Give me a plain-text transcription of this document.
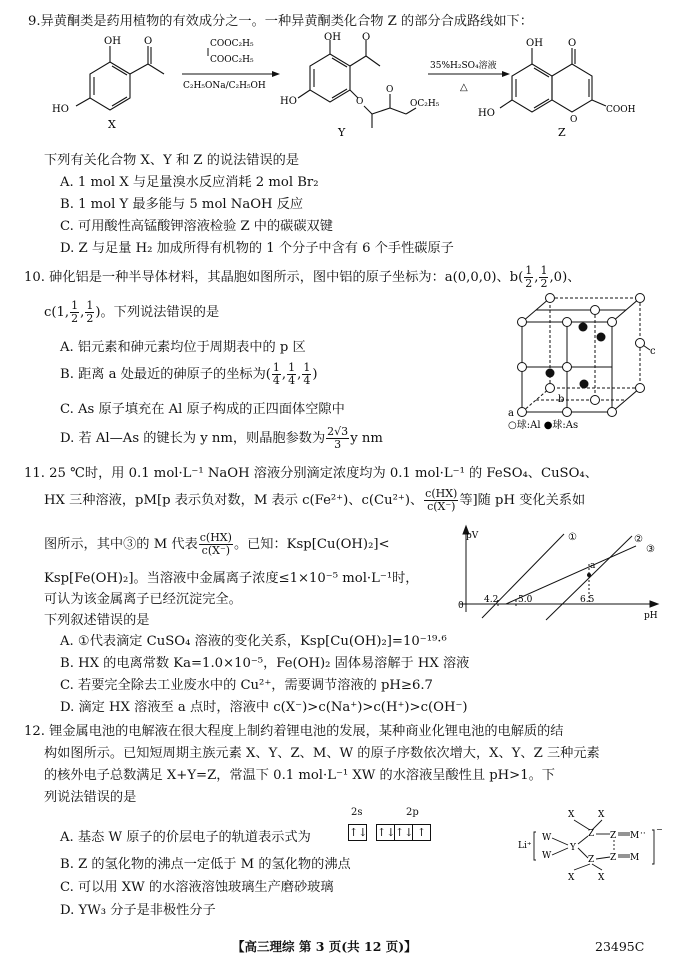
9.异黄酮类是药用植物的有效成分之一。一种异黄酮类化合物 Z 的部分合成路线如下：
OH O
HO
X
COOC₂H₅
COOC₂H₅
C₂H₅ONa/C₂H₅OH
OH O
O
O
OC₂H₅
HO
Y
35%H₂SO₄溶液
△
OH	O
O
COOH
HO
Z
下列有关化合物 X、Y 和 Z 的说法错误的是
A. 1 mol X 与足量溴水反应消耗 2 mol Br₂
B. 1 mol Y 最多能与 5 mol NaOH 反应
C. 可用酸性高锰酸钾溶液检验 Z 中的碳碳双键
D. Z 与足量 H₂ 加成所得有机物的 1 个分子中含有 6 个手性碳原子
10. 砷化铝是一种半导体材料，其晶胞如图所示，图中铝的原子坐标为：a(0,0,0)、$b( \frac{1}{2}$ , $\frac{1}{2} ,0$)、
c(1, $\frac{1}{2}$ , $\frac{1}{2}$ )。下列说法错误的是
A. 铝元素和砷元素均位于周期表中的 p 区
B. 距离 a 处最近的砷原子的坐标为( $\frac{1}{4}$ , $\frac{1}{4}$ , $\frac{1}{4}$ )
C. As 原子填充在 Al 原子构成的正四面体空隙中
D. 若 Al—As 的键长为 y nm，则晶胞参数为 $\frac{2√3}{3}$ y nm
a
b
c
○球:Al ●球:As
11. 25 ℃时，用 0.1 mol·L⁻¹ NaOH 溶液分别滴定浓度均为 0.1 mol·L⁻¹ 的 FeSO₄、CuSO₄、
HX 三种溶液，pM[p 表示负对数，M 表示 c(Fe²⁺)、c(Cu²⁺)、 $\frac{c(HX)}{c(X^-)}$ 等]随 pH 变化关系如
图所示，其中③的 M 代表 $\frac{c(HX)}{c(X^-)}$ 。已知：Ksp[Cu(OH)₂]<
Ksp[Fe(OH)₂]。当溶液中金属离子浓度≤1×10⁻⁵ mol·L⁻¹时，
可认为该金属离子已经沉淀完全。
下列叙述错误的是
A. ①代表滴定 CuSO₄ 溶液的变化关系，Ksp[Cu(OH)₂]=10⁻¹⁹·⁶
B. HX 的电离常数 Ka=1.0×10⁻⁵，Fe(OH)₂ 固体易溶解于 HX 溶液
C. 若要完全除去工业废水中的 Cu²⁺，需要调节溶液的 pH≥6.7
D. 滴定 HX 溶液至 a 点时，溶液中 c(X⁻)>c(Na⁺)>c(H⁺)>c(OH⁻)
pV
pH
0
①	②
③
4.2 5.0	6.5
a
12. 锂金属电池的电解液在很大程度上制约着锂电池的发展，某种商业化锂电池的电解质的结
构如图所示。已知短周期主族元素 X、Y、Z、M、W 的原子序数依次增大，X、Y、Z 三种元素
的核外电子总数满足 X+Y=Z，常温下 0.1 mol·L⁻¹ XW 的水溶液呈酸性且 pH>1。下
列说法错误的是
A. 基态 W 原子的价层电子的轨道表示式为
2s	2p
↑↓ ↑↓↑↓ ↑
B. Z 的氢化物的沸点一定低于 M 的氢化物的沸点
C. 可以用 XW 的水溶液溶蚀玻璃生产磨砂玻璃
D. YW₃ 分子是非极性分子
Li⁺
W
W
Y
Z
Z
Z
Z
M
M
X	X
X	X
·· −
【高三理综 第 3 页(共 12 页)】	23495C
